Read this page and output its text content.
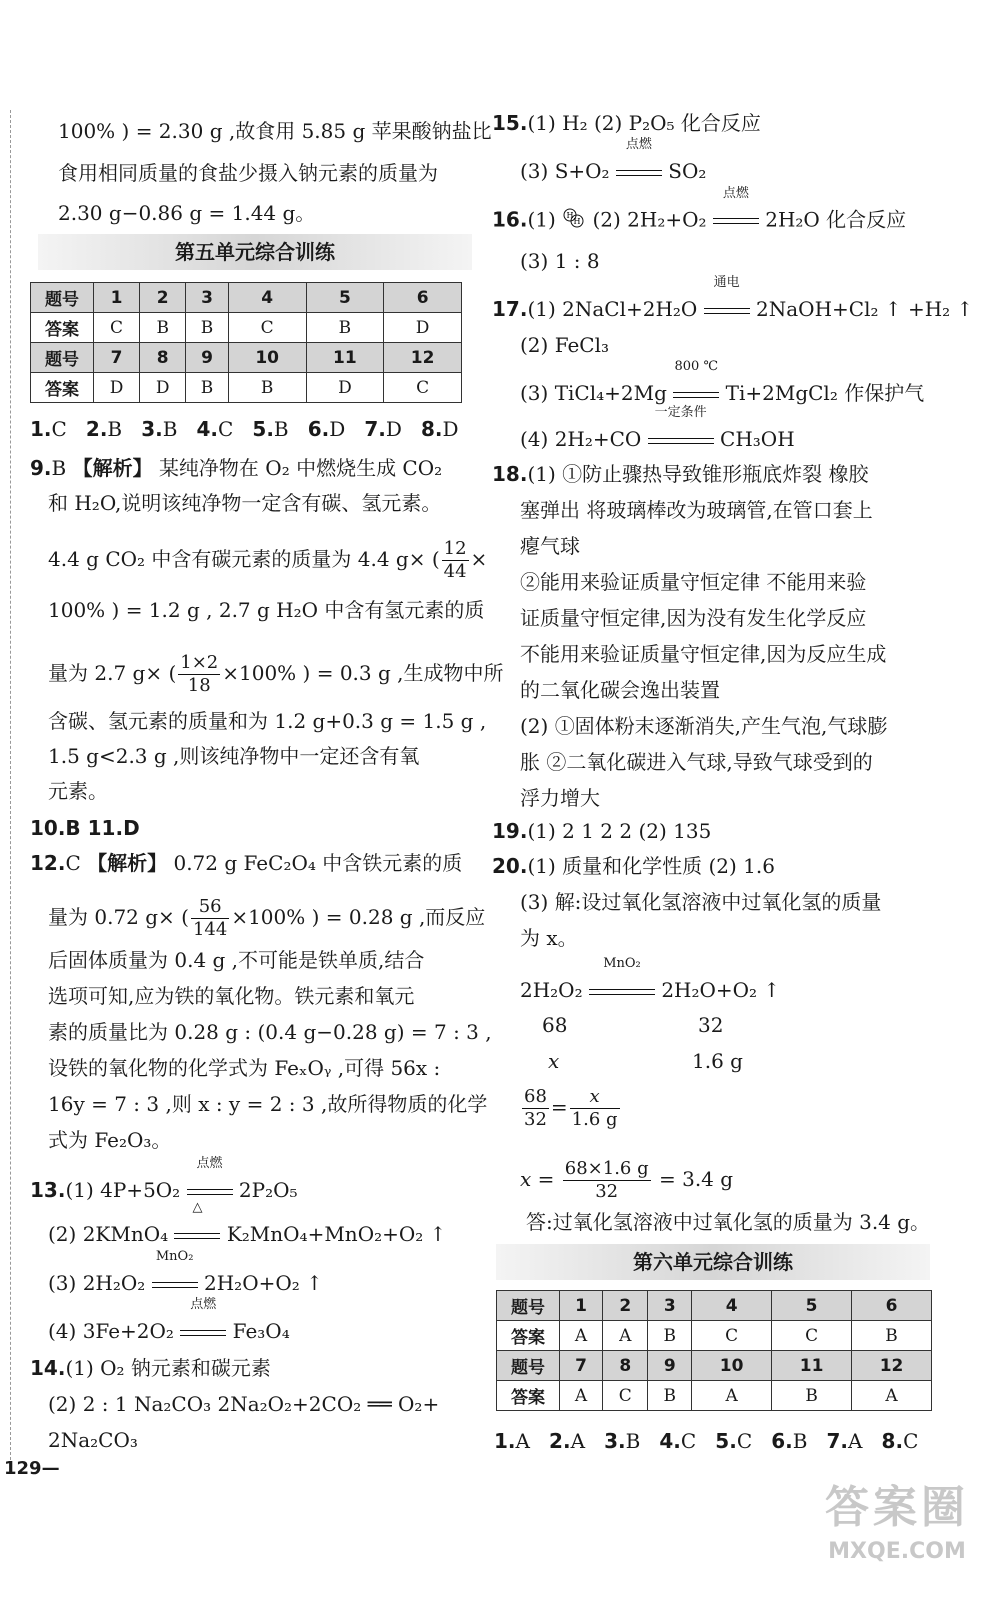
100% ) = 2.30 g ,故食用 5.85 g 苹果酸钠盐比
食用相同质量的食盐少摄入钠元素的质量为
2.30 g−0.86 g = 1.44 g。
第五单元综合训练
题号	1	2	3	4	5	6
答案	C	B	B	C	B	D
题号	7	8	9	10	11	12
答案	D	D	B	B	D	C
1.C 2.B 3.B 4.C 5.B 6.D 7.D 8.D
9.B 【解析】 某纯净物在 O₂ 中燃烧生成 CO₂
和 H₂O,说明该纯净物一定含有碳、氢元素。
4.4 g CO₂ 中含有碳元素的质量为 4.4 g× ( $\frac{12}{44}$ ×
100% ) = 1.2 g , 2.7 g H₂O 中含有氢元素的质
量为 2.7 g× ( $\frac{1\times 2}{18} \times 100\%$ ) = 0.3 g ,生成物中所
含碳、氢元素的质量和为 1.2 g+0.3 g = 1.5 g ,
1.5 g<2.3 g ,则该纯净物中一定还含有氧
元素。
10.B 11.D
12.C 【解析】 0.72 g FeC₂O₄ 中含铁元素的质
量为 0.72 g× ( $\frac{56}{144} \times 100\%$ ) = 0.28 g ,而反应
后固体质量为 0.4 g ,不可能是铁单质,结合
选项可知,应为铁的氧化物。铁元素和氧元
素的质量比为 0.28 g : (0.4 g−0.28 g) = 7 : 3 ,
设铁的氧化物的化学式为 FeₓOᵧ ,可得 56x :
16y = 7 : 3 ,则 x : y = 2 : 3 ,故所得物质的化学
式为 Fe₂O₃。
13.(1) 4P+5O₂
点燃
2P₂O₅
(2) 2KMnO₄
△
K₂MnO₄+MnO₂+O₂ ↑
(3) 2H₂O₂
MnO₂
2H₂O+O₂ ↑
(4) 3Fe+2O₂
点燃
Fe₃O₄
14.(1) O₂ 钠元素和碳元素
(2) 2 : 1 Na₂CO₃ 2Na₂O₂+2CO₂ ══ O₂+
2Na₂CO₃
15.(1) H₂ (2) P₂O₅ 化合反应
(3) S+O₂
点燃
SO₂
16.(1) H
H (2) 2H₂+O₂
点燃
2H₂O 化合反应
(3) 1 : 8
17.(1) 2NaCl+2H₂O
通电
2NaOH+Cl₂ ↑ +H₂ ↑
(2) FeCl₃
(3) TiCl₄+2Mg
800 ℃
Ti+2MgCl₂ 作保护气
(4) 2H₂+CO
一定条件
CH₃OH
18.(1) ①防止骤热导致锥形瓶底炸裂 橡胶
塞弹出 将玻璃棒改为玻璃管,在管口套上
瘪气球
②能用来验证质量守恒定律 不能用来验
证质量守恒定律,因为没有发生化学反应
不能用来验证质量守恒定律,因为反应生成
的二氧化碳会逸出装置
(2) ①固体粉末逐渐消失,产生气泡,气球膨
胀 ②二氧化碳进入气球,导致气球受到的
浮力增大
19.(1) 2 1 2 2 (2) 135
20.(1) 质量和化学性质 (2) 1.6
(3) 解:设过氧化氢溶液中过氧化氢的质量
为 x。
2H₂O₂
MnO₂
2H₂O+O₂ ↑
68	32
x	1.6 g
$\frac{68}{32} = \frac{x}{1.6 g}$
$x = \frac{68\times 1.6 g}{32} = 3.4$ g
答:过氧化氢溶液中过氧化氢的质量为 3.4 g。
第六单元综合训练
题号	1	2	3	4	5	6
答案	A	A	B	C	C	B
题号	7	8	9	10	11	12
答案	A	C	B	A	B	A
1.A 2.A 3.B 4.C 5.C 6.B 7.A 8.C
129—
答案圈
MXQE.COM
